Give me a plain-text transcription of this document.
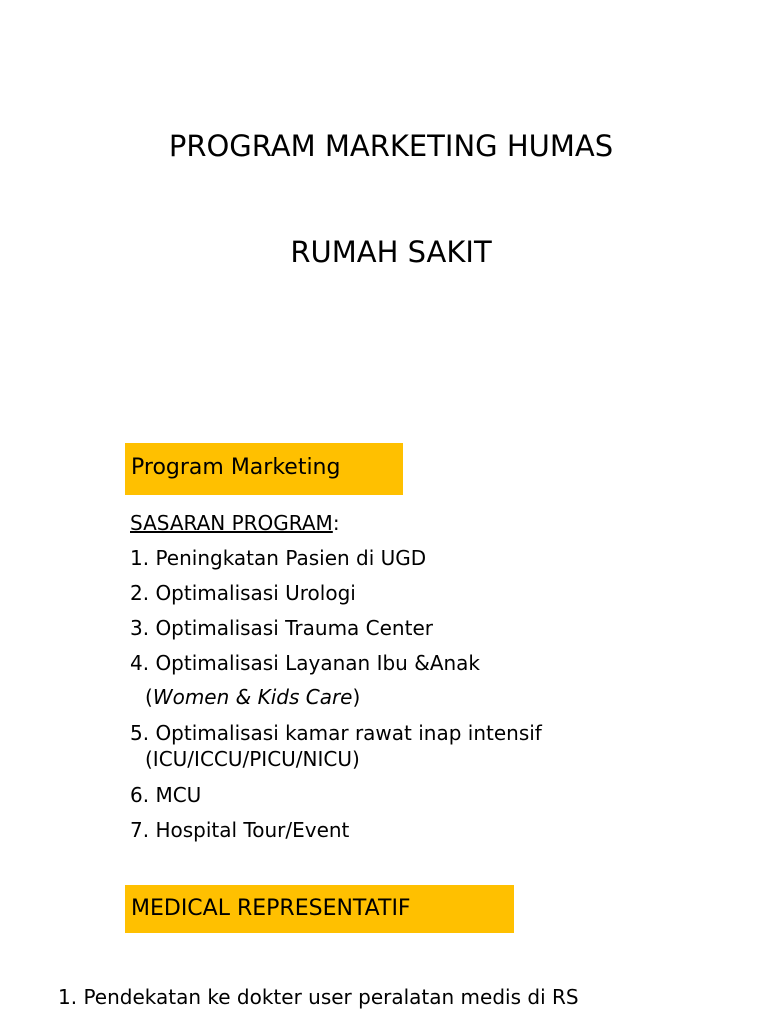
PROGRAM MARKETING HUMAS
RUMAH SAKIT
Program Marketing
SASARAN PROGRAM:
1. Peningkatan Pasien di UGD
2. Optimalisasi Urologi
3. Optimalisasi Trauma Center
4. Optimalisasi Layanan Ibu &Anak
(Women & Kids Care)
5. Optimalisasi kamar rawat inap intensif
(ICU/ICCU/PICU/NICU)
6. MCU
7. Hospital Tour/Event
MEDICAL REPRESENTATIF
1. Pendekatan ke dokter user peralatan medis di RS
